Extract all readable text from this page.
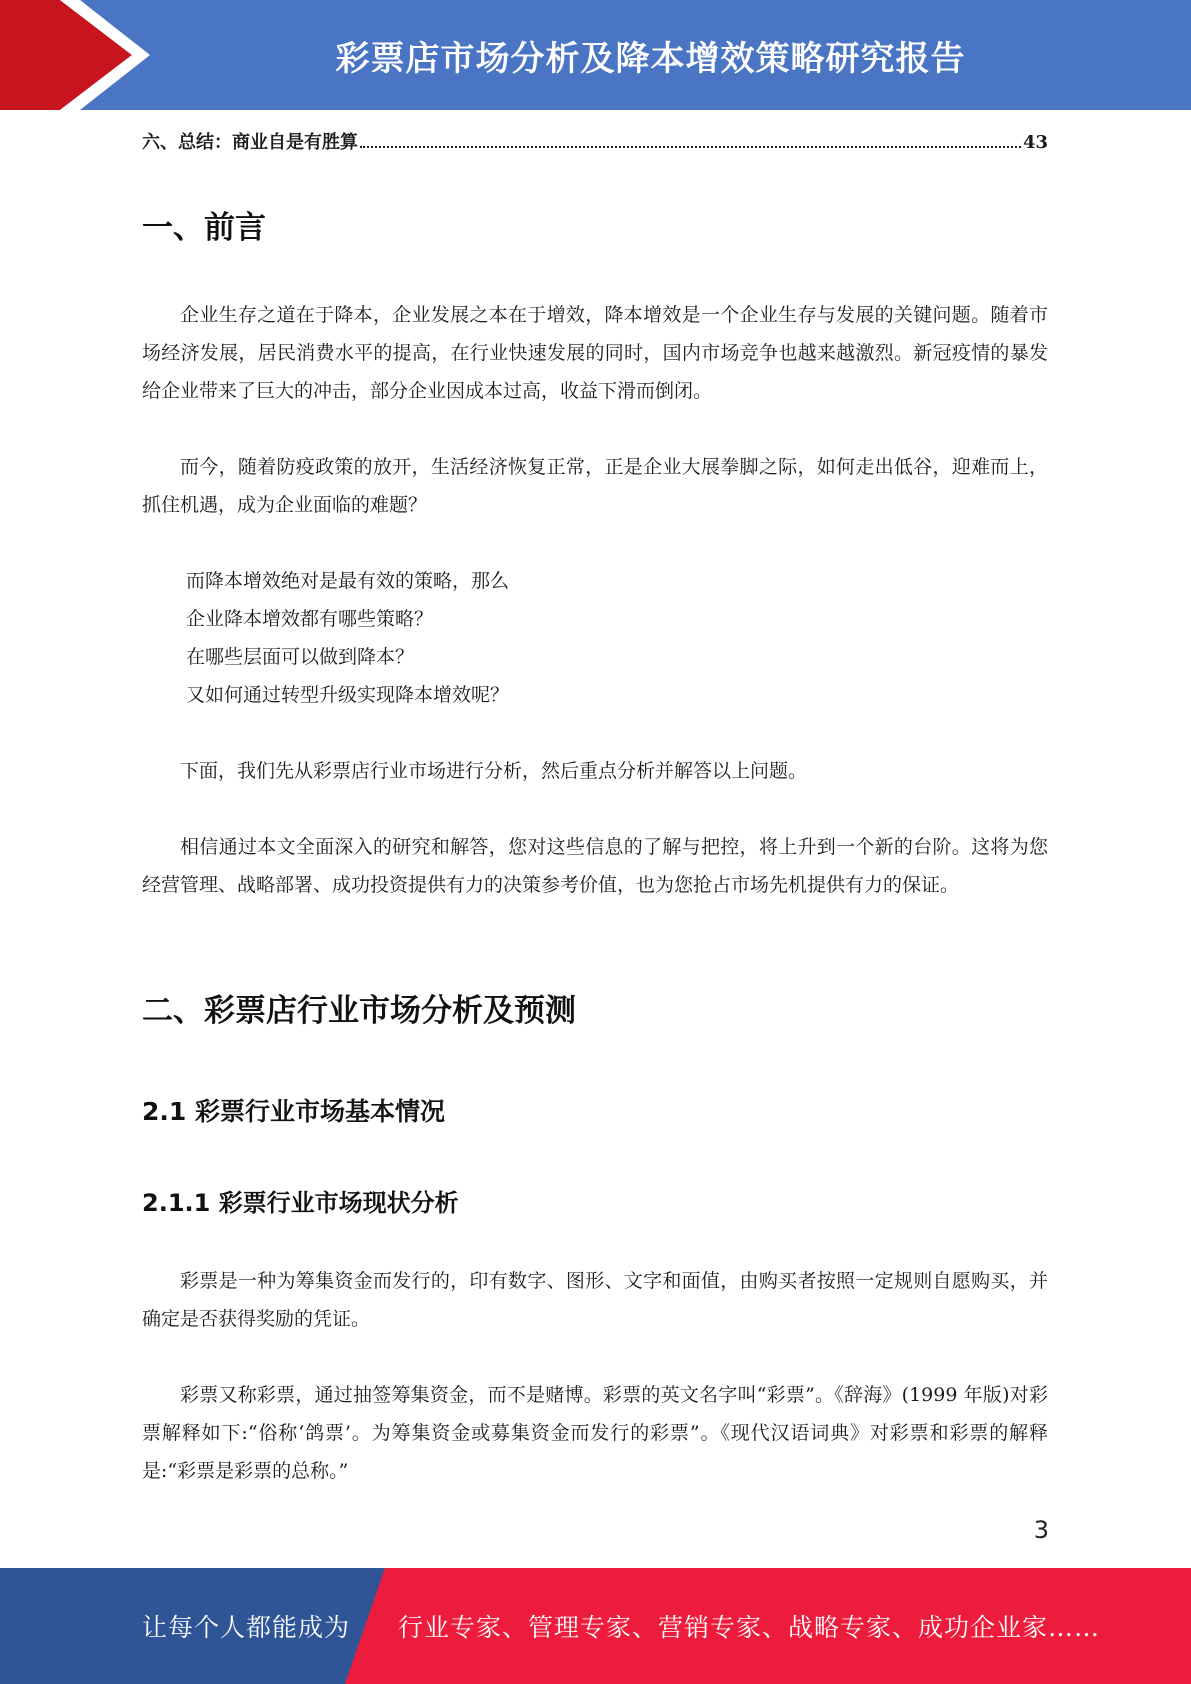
彩票店市场分析及降本增效策略研究报告
六、总结：商业自是有胜算	43
一、前言

企业生存之道在于降本，企业发展之本在于增效，降本增效是一个企业生存与发展的关键问题。随着市场经济发展，居民消费水平的提高，在行业快速发展的同时，国内市场竞争也越来越激烈。新冠疫情的暴发给企业带来了巨大的冲击，部分企业因成本过高，收益下滑而倒闭。

而今，随着防疫政策的放开，生活经济恢复正常，正是企业大展拳脚之际，如何走出低谷，迎难而上，抓住机遇，成为企业面临的难题？

而降本增效绝对是最有效的策略，那么

企业降本增效都有哪些策略？

在哪些层面可以做到降本？

又如何通过转型升级实现降本增效呢？

下面，我们先从彩票店行业市场进行分析，然后重点分析并解答以上问题。

相信通过本文全面深入的研究和解答，您对这些信息的了解与把控，将上升到一个新的台阶。这将为您经营管理、战略部署、成功投资提供有力的决策参考价值，也为您抢占市场先机提供有力的保证。

二、彩票店行业市场分析及预测
2.1 彩票行业市场基本情况
2.1.1 彩票行业市场现状分析

彩票是一种为筹集资金而发行的，印有数字、图形、文字和面值，由购买者按照一定规则自愿购买，并确定是否获得奖励的凭证。

彩票又称彩票，通过抽签筹集资金，而不是赌博。彩票的英文名字叫“彩票”。《辞海》(1999 年版)对彩票解释如下:“俗称‘鸽票’。为筹集资金或募集资金而发行的彩票”。《现代汉语词典》对彩票和彩票的解释是:“彩票是彩票的总称。”

3
让每个人都能成为 行业专家、管理专家、营销专家、战略专家、成功企业家……
